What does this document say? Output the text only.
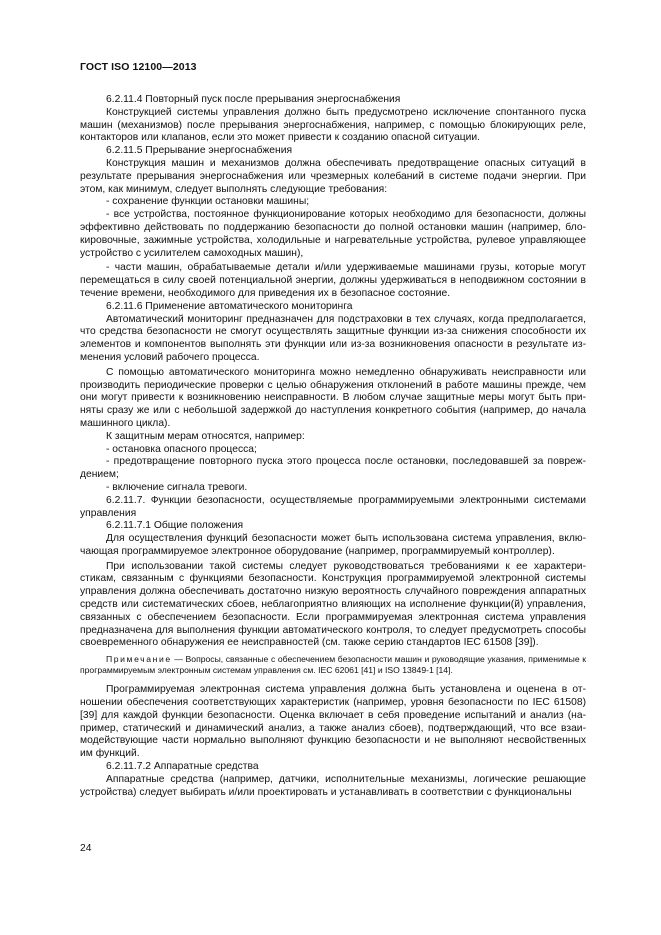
ГОСТ ISO 12100—2013

6.2.11.4 Повторный пуск после прерывания энергоснабжения

Конструкцией системы управления должно быть предусмотрено исключение спонтанного пуска машин (механизмов) после прерывания энергоснабжения, например, с помощью блокирующих реле, контакторов или клапанов, если это может привести к созданию опасной ситуации.

6.2.11.5 Прерывание энергоснабжения

Конструкция машин и механизмов должна обеспечивать предотвращение опасных ситуаций в результате прерывания энергоснабжения или чрезмерных колебаний в системе подачи энергии. При этом, как минимум, следует выполнять следующие требования:

- сохранение функции остановки машины;

- все устройства, постоянное функционирование которых необходимо для безопасности, должны эффективно действовать по поддержанию безопасности до полной остановки машин (например, блокировочные, зажимные устройства, холодильные и нагревательные устройства, рулевое управляющее устройство с усилителем самоходных машин),

- части машин, обрабатываемые детали и/или удерживаемые машинами грузы, которые могут перемещаться в силу своей потенциальной энергии, должны удерживаться в неподвижном состоянии в течение времени, необходимого для приведения их в безопасное состояние.

6.2.11.6 Применение автоматического мониторинга

Автоматический мониторинг предназначен для подстраховки в тех случаях, когда предполагается, что средства безопасности не смогут осуществлять защитные функции из-за снижения способности их элементов и компонентов выполнять эти функции или из-за возникновения опасности в результате изменения условий рабочего процесса.

С помощью автоматического мониторинга можно немедленно обнаруживать неисправности или производить периодические проверки с целью обнаружения отклонений в работе машины прежде, чем они могут привести к возникновению неисправности. В любом случае защитные меры могут быть приняты сразу же или с небольшой задержкой до наступления конкретного события (например, до начала машинного цикла).

К защитным мерам относятся, например:

- остановка опасного процесса;

- предотвращение повторного пуска этого процесса после остановки, последовавшей за повреждением;

- включение сигнала тревоги.

6.2.11.7. Функции безопасности, осуществляемые программируемыми электронными системами управления

6.2.11.7.1 Общие положения

Для осуществления функций безопасности может быть использована система управления, включающая программируемое электронное оборудование (например, программируемый контроллер).

При использовании такой системы следует руководствоваться требованиями к ее характеристикам, связанным с функциями безопасности. Конструкция программируемой электронной системы управления должна обеспечивать достаточно низкую вероятность случайного повреждения аппаратных средств или систематических сбоев, неблагоприятно влияющих на исполнение функции(й) управления, связанных с обеспечением безопасности. Если программируемая электронная система управления предназначена для выполнения функции автоматического контроля, то следует предусмотреть способы своевременного обнаружения ее неисправностей (см. также серию стандартов IEC 61508 [39]).

Примечание — Вопросы, связанные с обеспечением безопасности машин и руководящие указания, применимые к программируемым электронным системам управления см. IEC 62061 [41] и ISO 13849-1 [14].

Программируемая электронная система управления должна быть установлена и оценена в отношении обеспечения соответствующих характеристик (например, уровня безопасности по IEC 61508) [39] для каждой функции безопасности. Оценка включает в себя проведение испытаний и анализ (например, статический и динамический анализ, а также анализ сбоев), подтверждающий, что все взаимодействующие части нормально выполняют функцию безопасности и не выполняют несвойственных им функций.

6.2.11.7.2 Аппаратные средства

Аппаратные средства (например, датчики, исполнительные механизмы, логические решающие устройства) следует выбирать и/или проектировать и устанавливать в соответствии с функциональны

24
